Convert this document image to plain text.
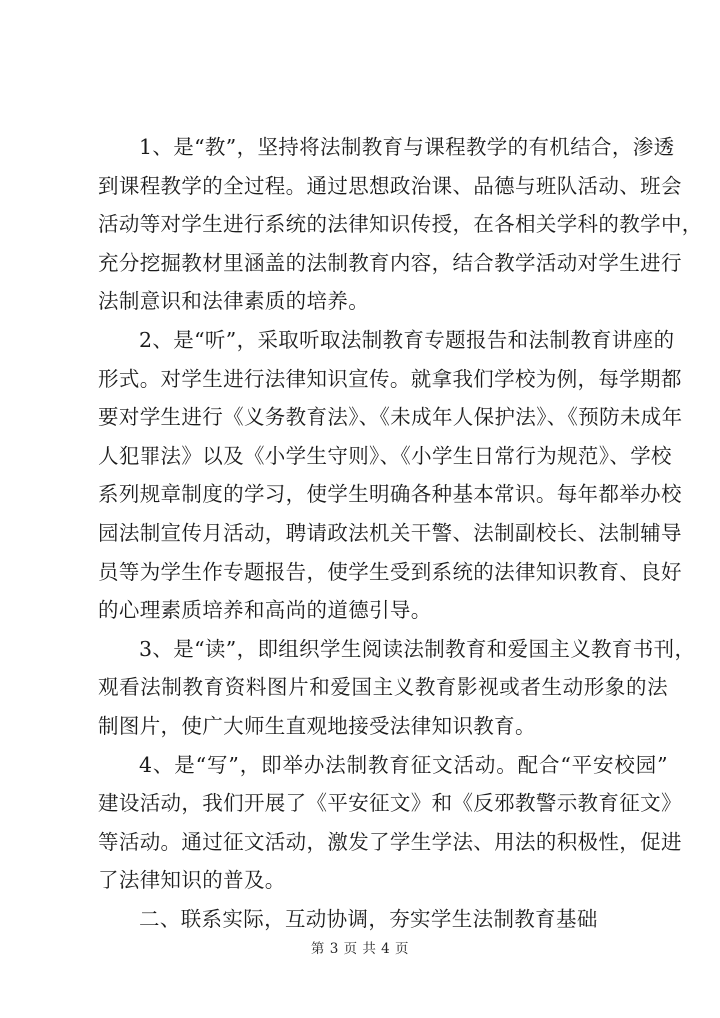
1、是“教”，坚持将法制教育与课程教学的有机结合，渗透
到课程教学的全过程。通过思想政治课、品德与班队活动、班会
活动等对学生进行系统的法律知识传授，在各相关学科的教学中，
充分挖掘教材里涵盖的法制教育内容，结合教学活动对学生进行
法制意识和法律素质的培养。
2、是“听”，采取听取法制教育专题报告和法制教育讲座的
形式。对学生进行法律知识宣传。就拿我们学校为例，每学期都
要对学生进行《义务教育法》、《未成年人保护法》、《预防未成年
人犯罪法》以及《小学生守则》、《小学生日常行为规范》、学校
系列规章制度的学习，使学生明确各种基本常识。每年都举办校
园法制宣传月活动，聘请政法机关干警、法制副校长、法制辅导
员等为学生作专题报告，使学生受到系统的法律知识教育、良好
的心理素质培养和高尚的道德引导。
3、是“读”，即组织学生阅读法制教育和爱国主义教育书刊，
观看法制教育资料图片和爱国主义教育影视或者生动形象的法
制图片，使广大师生直观地接受法律知识教育。
4、是“写”，即举办法制教育征文活动。配合“平安校园”
建设活动，我们开展了《平安征文》和《反邪教警示教育征文》
等活动。通过征文活动，激发了学生学法、用法的积极性，促进
了法律知识的普及。
二、联系实际，互动协调，夯实学生法制教育基础
第 3 页 共 4 页
